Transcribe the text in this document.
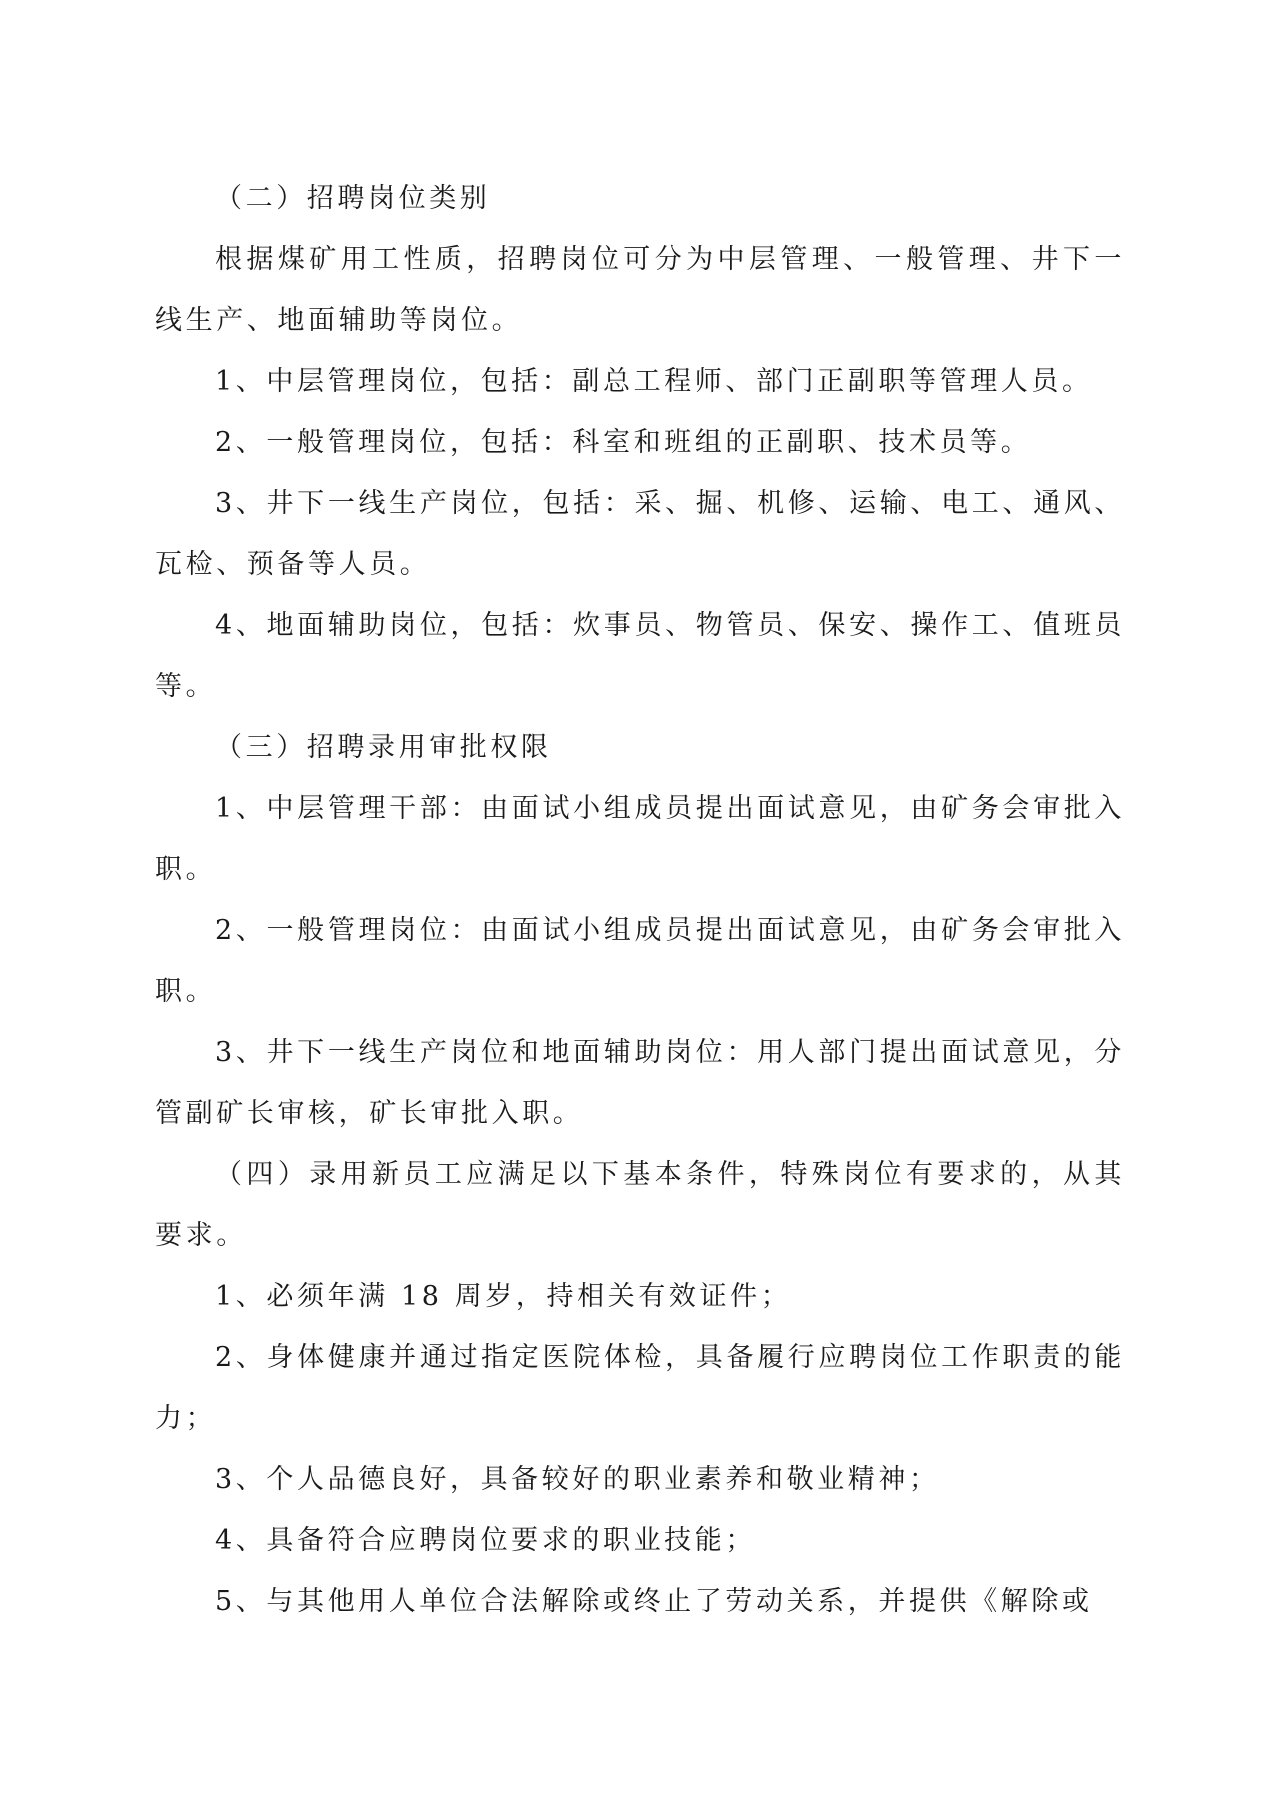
（二）招聘岗位类别

根据煤矿用工性质，招聘岗位可分为中层管理、一般管理、井下一线生产、地面辅助等岗位。

1、中层管理岗位，包括：副总工程师、部门正副职等管理人员。

2、一般管理岗位，包括：科室和班组的正副职、技术员等。

3、井下一线生产岗位，包括：采、掘、机修、运输、电工、通风、瓦检、预备等人员。

4、地面辅助岗位，包括：炊事员、物管员、保安、操作工、值班员等。

（三）招聘录用审批权限

1、中层管理干部：由面试小组成员提出面试意见，由矿务会审批入职。

2、一般管理岗位：由面试小组成员提出面试意见，由矿务会审批入职。

3、井下一线生产岗位和地面辅助岗位：用人部门提出面试意见，分管副矿长审核，矿长审批入职。

（四）录用新员工应满足以下基本条件，特殊岗位有要求的，从其要求。

1、必须年满 18 周岁，持相关有效证件；

2、身体健康并通过指定医院体检，具备履行应聘岗位工作职责的能力；

3、个人品德良好，具备较好的职业素养和敬业精神；

4、具备符合应聘岗位要求的职业技能；

5、与其他用人单位合法解除或终止了劳动关系，并提供《解除或
